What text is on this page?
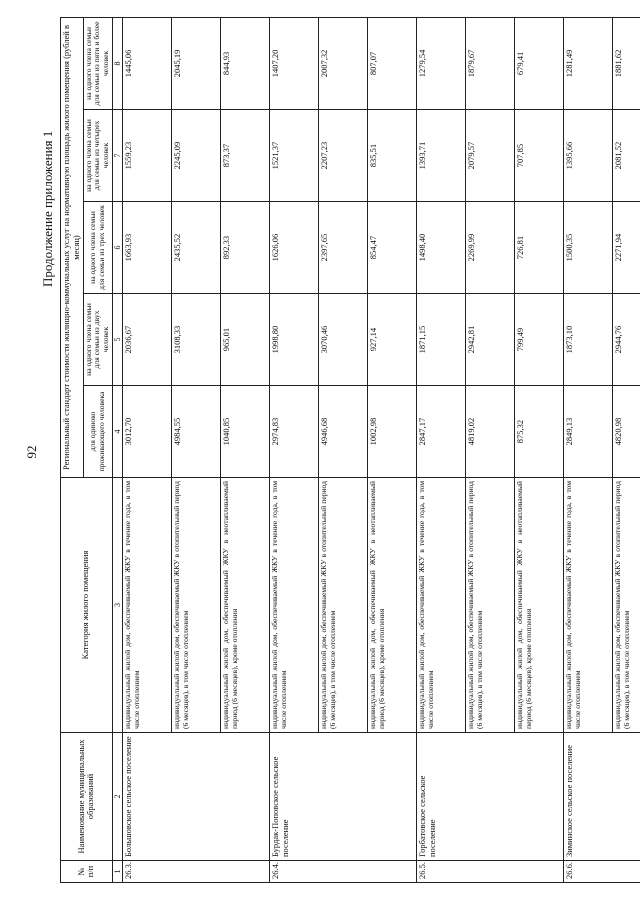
92
Продолжение приложения 1
№ п/п	Наименование муниципальных образований	Категория жилого помещения	Региональный стандарт стоимости жилищно-коммунальных услуг на нормативную площадь жилого помещения (рублей в месяц)				
			для одиноко проживающего человека	на одного члена семьи для семьи из двух человек	на одного члена семьи для семьи из трех человек	на одного члена семьи для семьи из четырех человек	на одного члена семьи для семьи из пяти и более человек
1	2	3	4	5	6	7	8
26.3.	Большовское сельское поселение	индивидуальный жилой дом, обеспечиваемый ЖКУ в течение года, в том числе отоплением	3012,70	2036,67	1663,93	1559,23	1445,06
		индивидуальный жилой дом, обеспечиваемый ЖКУ в отопительный период (6 месяцев), в том числе отоплением	4984,55	3108,33	2435,52	2245,09	2045,19
		индивидуальный жилой дом, обеспечиваемый ЖКУ в неотапливаемый период (6 месяцев), кроме отопления	1040,85	965,01	892,33	873,37	844,93
26.4.	Бурдак-Поповское сельское поселение	индивидуальный жилой дом, обеспечиваемый ЖКУ в течение года, в том числе отоплением	2974,83	1998,80	1626,06	1521,37	1407,20
		индивидуальный жилой дом, обеспечиваемый ЖКУ в отопительный период (6 месяцев), в том числе отоплением	4946,68	3070,46	2397,65	2207,23	2007,32
		индивидуальный жилой дом, обеспечиваемый ЖКУ в неотапливаемый период (6 месяцев), кроме отопления	1002,98	927,14	854,47	835,51	807,07
26.5.	Горбатовское сельское поселение	индивидуальный жилой дом, обеспечиваемый ЖКУ в течение года, в том числе отоплением	2847,17	1871,15	1498,40	1393,71	1279,54
		индивидуальный жилой дом, обеспечиваемый ЖКУ в отопительный период (6 месяцев), в том числе отоплением	4819,02	2942,81	2269,99	2079,57	1879,67
		индивидуальный жилой дом, обеспечиваемый ЖКУ в неотапливаемый период (6 месяцев), кроме отопления	875,32	799,49	726,81	707,85	679,41
26.6.	Зиминское сельское поселение	индивидуальный жилой дом, обеспечиваемый ЖКУ в течение года, в том числе отоплением	2849,13	1873,10	1500,35	1395,66	1281,49
		индивидуальный жилой дом, обеспечиваемый ЖКУ в отопительный период (6 месяцев), в том числе отоплением	4820,98	2944,76	2271,94	2081,52	1881,62
